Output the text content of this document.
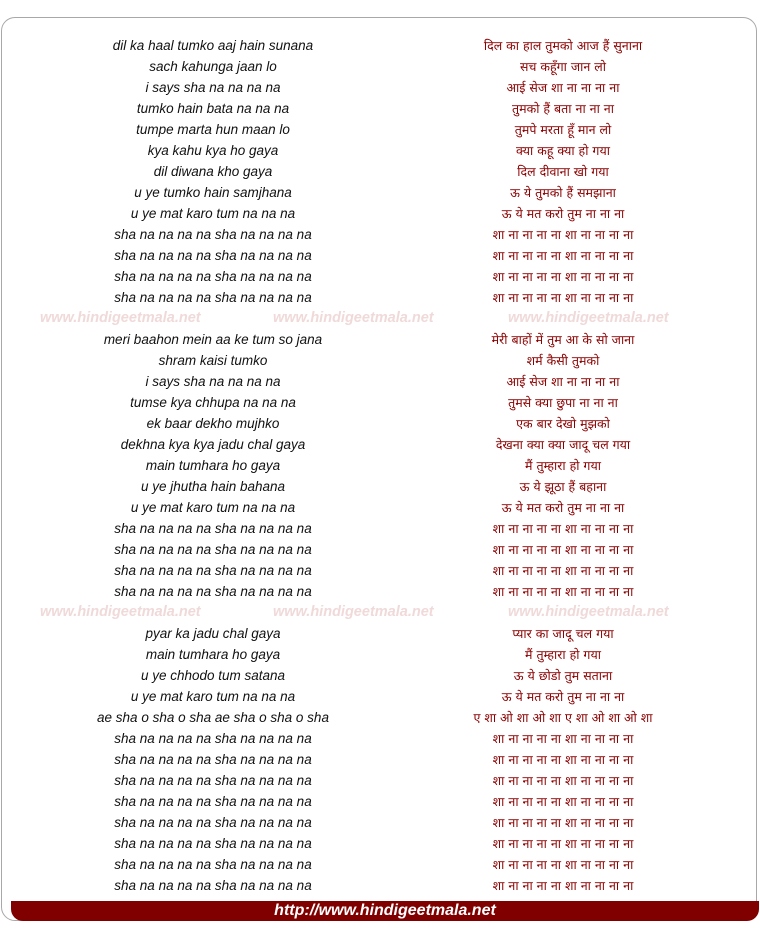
dil ka haal tumko aaj hain sunana	दिल का हाल तुमको आज हैं सुनाना
sach kahunga jaan lo	सच कहूँगा जान लो
i says sha na na na na	आई सेज शा ना ना ना ना
tumko hain bata na na na	तुमको हैं बता ना ना ना
tumpe marta hun maan lo	तुमपे मरता हूँ मान लो
kya kahu kya ho gaya	क्या कहू क्या हो गया
dil diwana kho gaya	दिल दीवाना खो गया
u ye tumko hain samjhana	ऊ ये तुमको हैं समझाना
u ye mat karo tum na na na	ऊ ये मत करो तुम ना ना ना
sha na na na na sha na na na na	शा ना ना ना ना शा ना ना ना ना
sha na na na na sha na na na na	शा ना ना ना ना शा ना ना ना ना
sha na na na na sha na na na na	शा ना ना ना ना शा ना ना ना ना
sha na na na na sha na na na na	शा ना ना ना ना शा ना ना ना ना
www.hindigeetmala.net	www.hindigeetmala.net	www.hindigeetmala.net
meri baahon mein aa ke tum so jana	मेरी बाहों में तुम आ के सो जाना
shram kaisi tumko	शर्म कैसी तुमको
i says sha na na na na	आई सेज शा ना ना ना ना
tumse kya chhupa na na na	तुमसे क्या छुपा ना ना ना
ek baar dekho mujhko	एक बार देखो मुझको
dekhna kya kya jadu chal gaya	देखना क्या क्या जादू चल गया
main tumhara ho gaya	मैं तुम्हारा हो गया
u ye jhutha hain bahana	ऊ ये झूठा हैं बहाना
u ye mat karo tum na na na	ऊ ये मत करो तुम ना ना ना
sha na na na na sha na na na na	शा ना ना ना ना शा ना ना ना ना
sha na na na na sha na na na na	शा ना ना ना ना शा ना ना ना ना
sha na na na na sha na na na na	शा ना ना ना ना शा ना ना ना ना
sha na na na na sha na na na na	शा ना ना ना ना शा ना ना ना ना
www.hindigeetmala.net	www.hindigeetmala.net	www.hindigeetmala.net
pyar ka jadu chal gaya	प्यार का जादू चल गया
main tumhara ho gaya	मैं तुम्हारा हो गया
u ye chhodo tum satana	ऊ ये छोडो तुम सताना
u ye mat karo tum na na na	ऊ ये मत करो तुम ना ना ना
ae sha o sha o sha ae sha o sha o sha	ए शा ओ शा ओ शा ए शा ओ शा ओ शा
sha na na na na sha na na na na	शा ना ना ना ना शा ना ना ना ना
sha na na na na sha na na na na	शा ना ना ना ना शा ना ना ना ना
sha na na na na sha na na na na	शा ना ना ना ना शा ना ना ना ना
sha na na na na sha na na na na	शा ना ना ना ना शा ना ना ना ना
sha na na na na sha na na na na	शा ना ना ना ना शा ना ना ना ना
sha na na na na sha na na na na	शा ना ना ना ना शा ना ना ना ना
sha na na na na sha na na na na	शा ना ना ना ना शा ना ना ना ना
sha na na na na sha na na na na	शा ना ना ना ना शा ना ना ना ना
http://www.hindigeetmala.net
